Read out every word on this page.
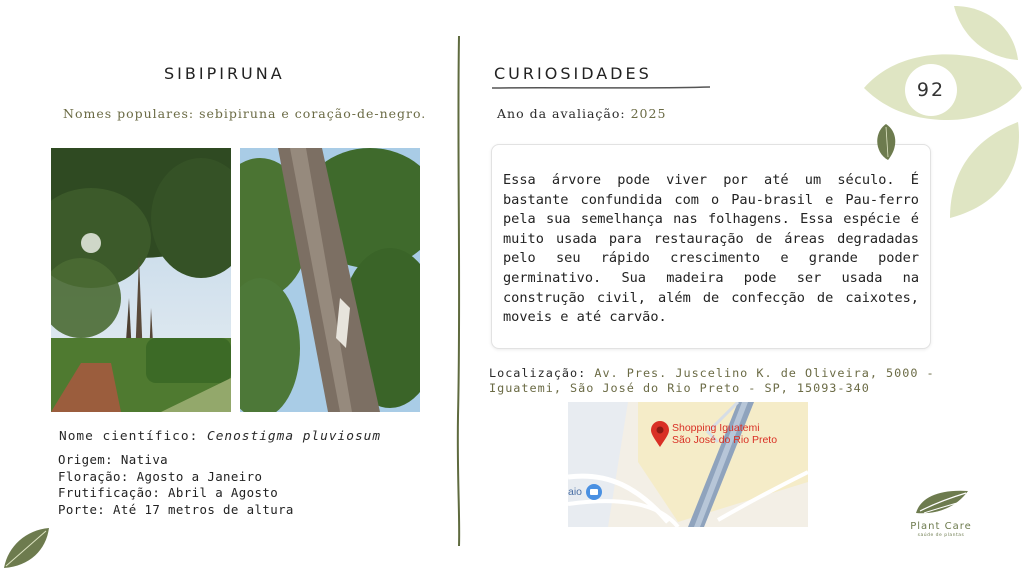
SIBIPIRUNA
Nomes populares: sebipiruna e coração-de-negro.
Nome científico: Cenostigma pluviosum
Origem: Nativa
Floração: Agosto a Janeiro
Frutificação: Abril a Agosto
Porte: Até 17 metros de altura
CURIOSIDADES
Ano da avaliação: 2025
Essa árvore pode viver por até um século. É bastante confundida com o Pau-brasil e Pau-ferro pela sua semelhança nas folhagens. Essa espécie é muito usada para restauração de áreas degradadas pelo seu rápido crescimento e grande poder germinativo. Sua madeira pode ser usada na construção civil, além de confecção de caixotes, moveis e até carvão.
Localização: Av. Pres. Juscelino K. de Oliveira, 5000 - Iguatemi, São José do Rio Preto - SP, 15093-340
Shopping Iguatemi
São José do Rio Preto
aio
92
Plant Care
saúde de plantas
